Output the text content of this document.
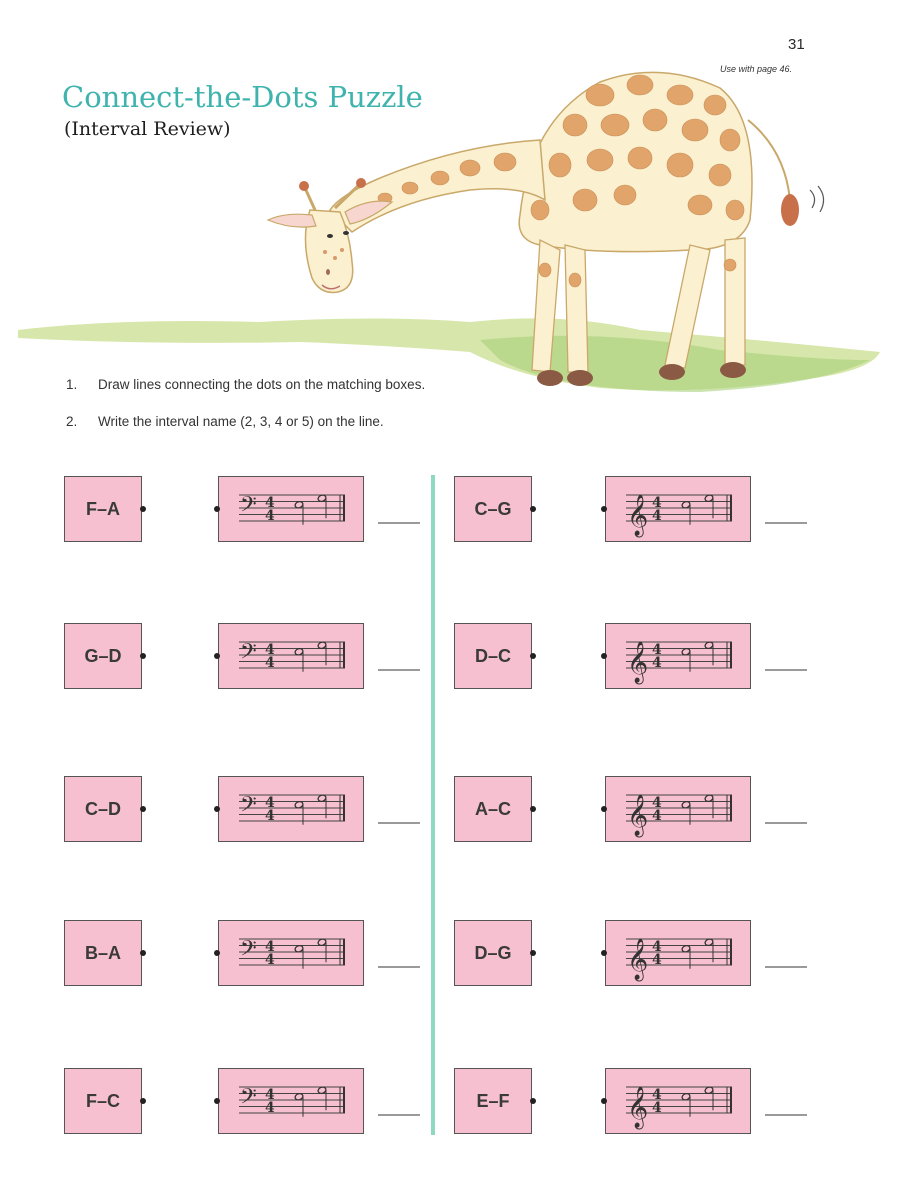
31
Use with page 46.
Connect-the-Dots Puzzle
(Interval Review)
1. Draw lines connecting the dots on the matching boxes.
2. Write the interval name (2, 3, 4 or 5) on the line.
F–A	𝄢 4
4
G–D	𝄢 4
4
C–D	𝄢 4
4
B–A	𝄢 4
4
F–C	𝄢 4
4
C–G	𝄞 4
4
D–C	𝄞 4
4
A–C	𝄞 4
4
D–G	𝄞 4
4
E–F	𝄞 4
4
